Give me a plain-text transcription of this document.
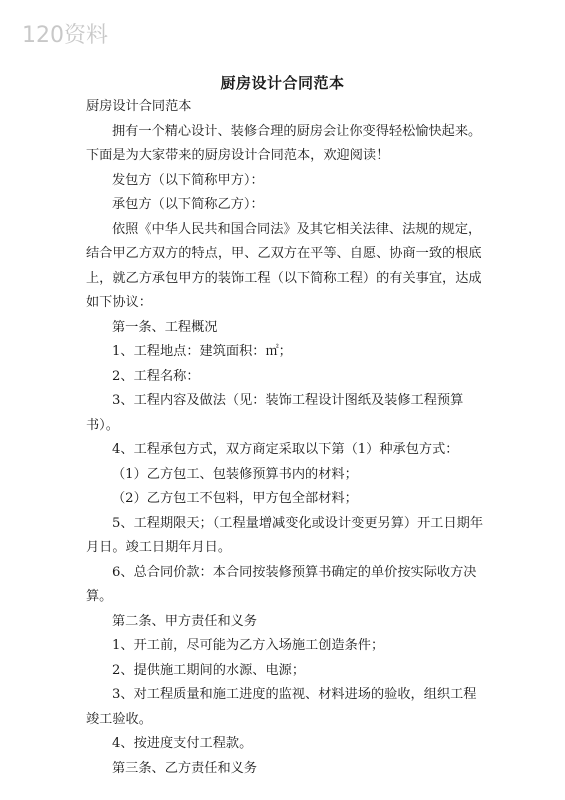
120资料
厨房设计合同范本

厨房设计合同范本

拥有一个精心设计、装修合理的厨房会让你变得轻松愉快起来。下面是为大家带来的厨房设计合同范本，欢迎阅读！

发包方（以下简称甲方）：

承包方（以下简称乙方）：

依照《中华人民共和国合同法》及其它相关法律、法规的规定，结合甲乙方双方的特点，甲、乙双方在平等、自愿、协商一致的根底上，就乙方承包甲方的装饰工程（以下简称工程）的有关事宜，达成如下协议：

第一条、工程概况

1、工程地点：建筑面积：㎡；

2、工程名称：

3、工程内容及做法（见：装饰工程设计图纸及装修工程预算书）。

4、工程承包方式，双方商定采取以下第（1）种承包方式：

（1）乙方包工、包装修预算书内的材料；

（2）乙方包工不包料，甲方包全部材料；

5、工程期限天；（工程量增减变化或设计变更另算）开工日期年月日。竣工日期年月日。

6、总合同价款：本合同按装修预算书确定的单价按实际收方决算。

第二条、甲方责任和义务

1、开工前，尽可能为乙方入场施工创造条件；

2、提供施工期间的水源、电源；

3、对工程质量和施工进度的监视、材料进场的验收，组织工程竣工验收。

4、按进度支付工程款。

第三条、乙方责任和义务
